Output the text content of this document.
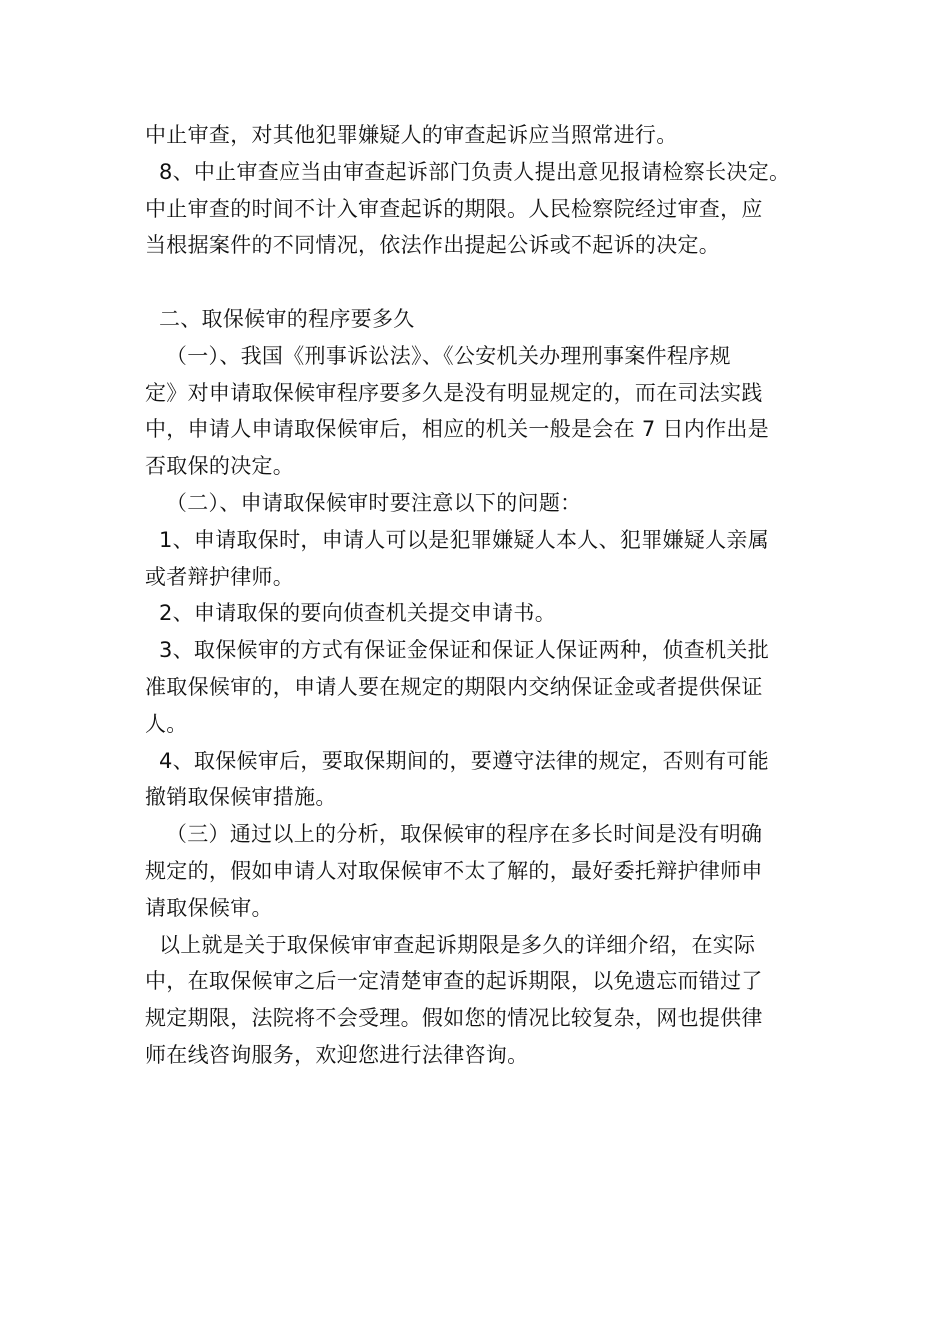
中止审查，对其他犯罪嫌疑人的审查起诉应当照常进行。
8、中止审查应当由审查起诉部门负责人提出意见报请检察长决定。
中止审查的时间不计入审查起诉的期限。人民检察院经过审查，应
当根据案件的不同情况，依法作出提起公诉或不起诉的决定。
二、取保候审的程序要多久
（一）、我国《刑事诉讼法》、《公安机关办理刑事案件程序规
定》对申请取保候审程序要多久是没有明显规定的，而在司法实践
中，申请人申请取保候审后，相应的机关一般是会在 7 日内作出是
否取保的决定。
（二）、申请取保候审时要注意以下的问题：
1、申请取保时，申请人可以是犯罪嫌疑人本人、犯罪嫌疑人亲属
或者辩护律师。
2、申请取保的要向侦查机关提交申请书。
3、取保候审的方式有保证金保证和保证人保证两种，侦查机关批
准取保候审的，申请人要在规定的期限内交纳保证金或者提供保证
人。
4、取保候审后，要取保期间的，要遵守法律的规定，否则有可能
撤销取保候审措施。
（三）通过以上的分析，取保候审的程序在多长时间是没有明确
规定的，假如申请人对取保候审不太了解的，最好委托辩护律师申
请取保候审。
以上就是关于取保候审审查起诉期限是多久的详细介绍，在实际
中，在取保候审之后一定清楚审查的起诉期限，以免遗忘而错过了
规定期限，法院将不会受理。假如您的情况比较复杂，网也提供律
师在线咨询服务，欢迎您进行法律咨询。
